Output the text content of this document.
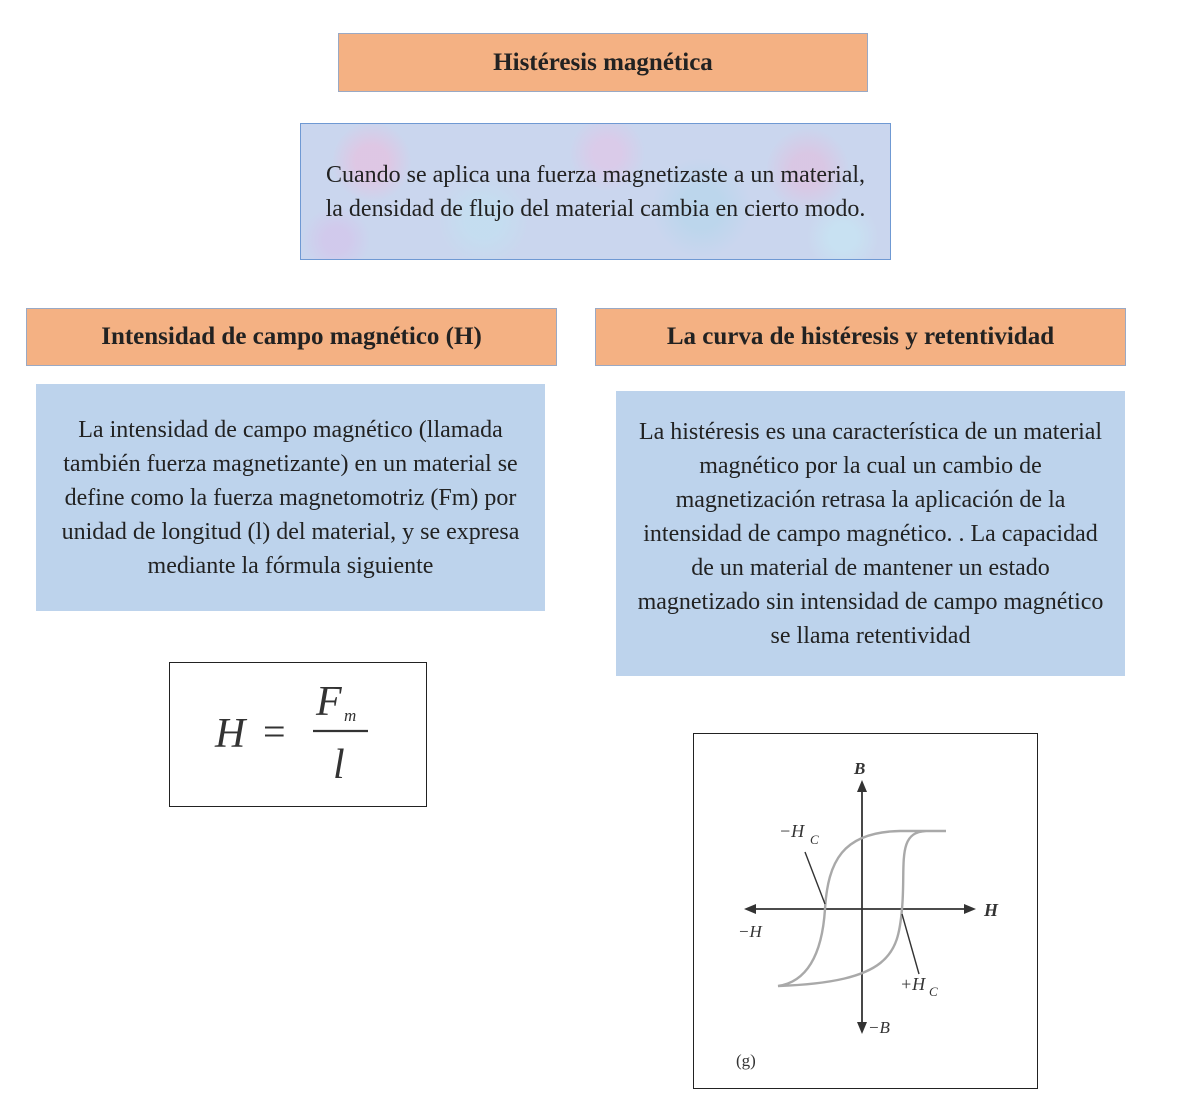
Histéresis magnética
Cuando se aplica una fuerza magnetizaste a un material, la densidad de flujo del material cambia en cierto modo.
Intensidad de campo magnético (H)	La curva de histéresis y retentividad
La intensidad de campo magnético (llamada también fuerza magnetizante) en un material se define como la fuerza magnetomotriz (Fm) por unidad de longitud (l) del material, y se expresa mediante la fórmula siguiente
La histéresis es una característica de un material magnético por la cual un cambio de magnetización retrasa la aplicación de la intensidad de campo magnético. . La capacidad de un material de mantener un estado magnetizado sin intensidad de campo magnético se llama retentividad
H =
F m
l	B
−B
H
−H
−H C
+H C
(g)
